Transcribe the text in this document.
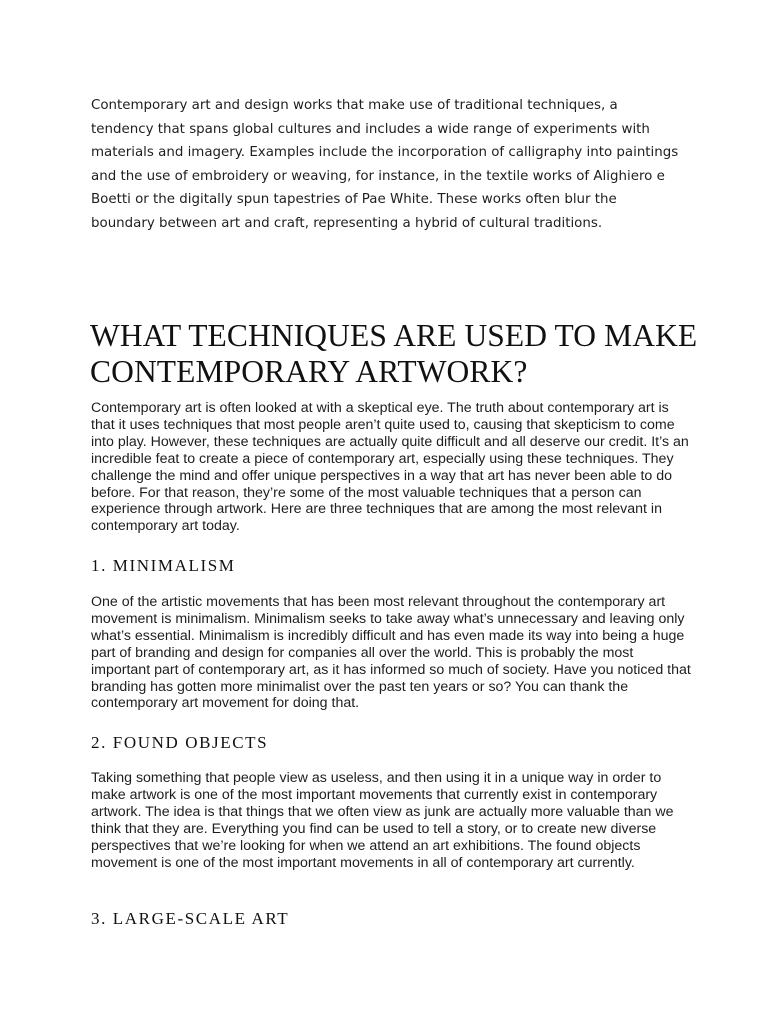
Contemporary art and design works that make use of traditional techniques, a tendency that spans global cultures and includes a wide range of experiments with materials and imagery. Examples include the incorporation of calligraphy into paintings and the use of embroidery or weaving, for instance, in the textile works of Alighiero e Boetti or the digitally spun tapestries of Pae White. These works often blur the boundary between art and craft, representing a hybrid of cultural traditions.

WHAT TECHNIQUES ARE USED TO MAKE CONTEMPORARY ARTWORK?

Contemporary art is often looked at with a skeptical eye. The truth about contemporary art is that it uses techniques that most people aren’t quite used to, causing that skepticism to come into play. However, these techniques are actually quite difficult and all deserve our credit. It’s an incredible feat to create a piece of contemporary art, especially using these techniques. They challenge the mind and offer unique perspectives in a way that art has never been able to do before. For that reason, they’re some of the most valuable techniques that a person can experience through artwork. Here are three techniques that are among the most relevant in contemporary art today.

1. MINIMALISM

One of the artistic movements that has been most relevant throughout the contemporary art movement is minimalism. Minimalism seeks to take away what’s unnecessary and leaving only what’s essential. Minimalism is incredibly difficult and has even made its way into being a huge part of branding and design for companies all over the world. This is probably the most important part of contemporary art, as it has informed so much of society. Have you noticed that branding has gotten more minimalist over the past ten years or so? You can thank the contemporary art movement for doing that.

2. FOUND OBJECTS

Taking something that people view as useless, and then using it in a unique way in order to make artwork is one of the most important movements that currently exist in contemporary artwork. The idea is that things that we often view as junk are actually more valuable than we think that they are. Everything you find can be used to tell a story, or to create new diverse perspectives that we’re looking for when we attend an art exhibitions. The found objects movement is one of the most important movements in all of contemporary art currently.

3. LARGE-SCALE ART
